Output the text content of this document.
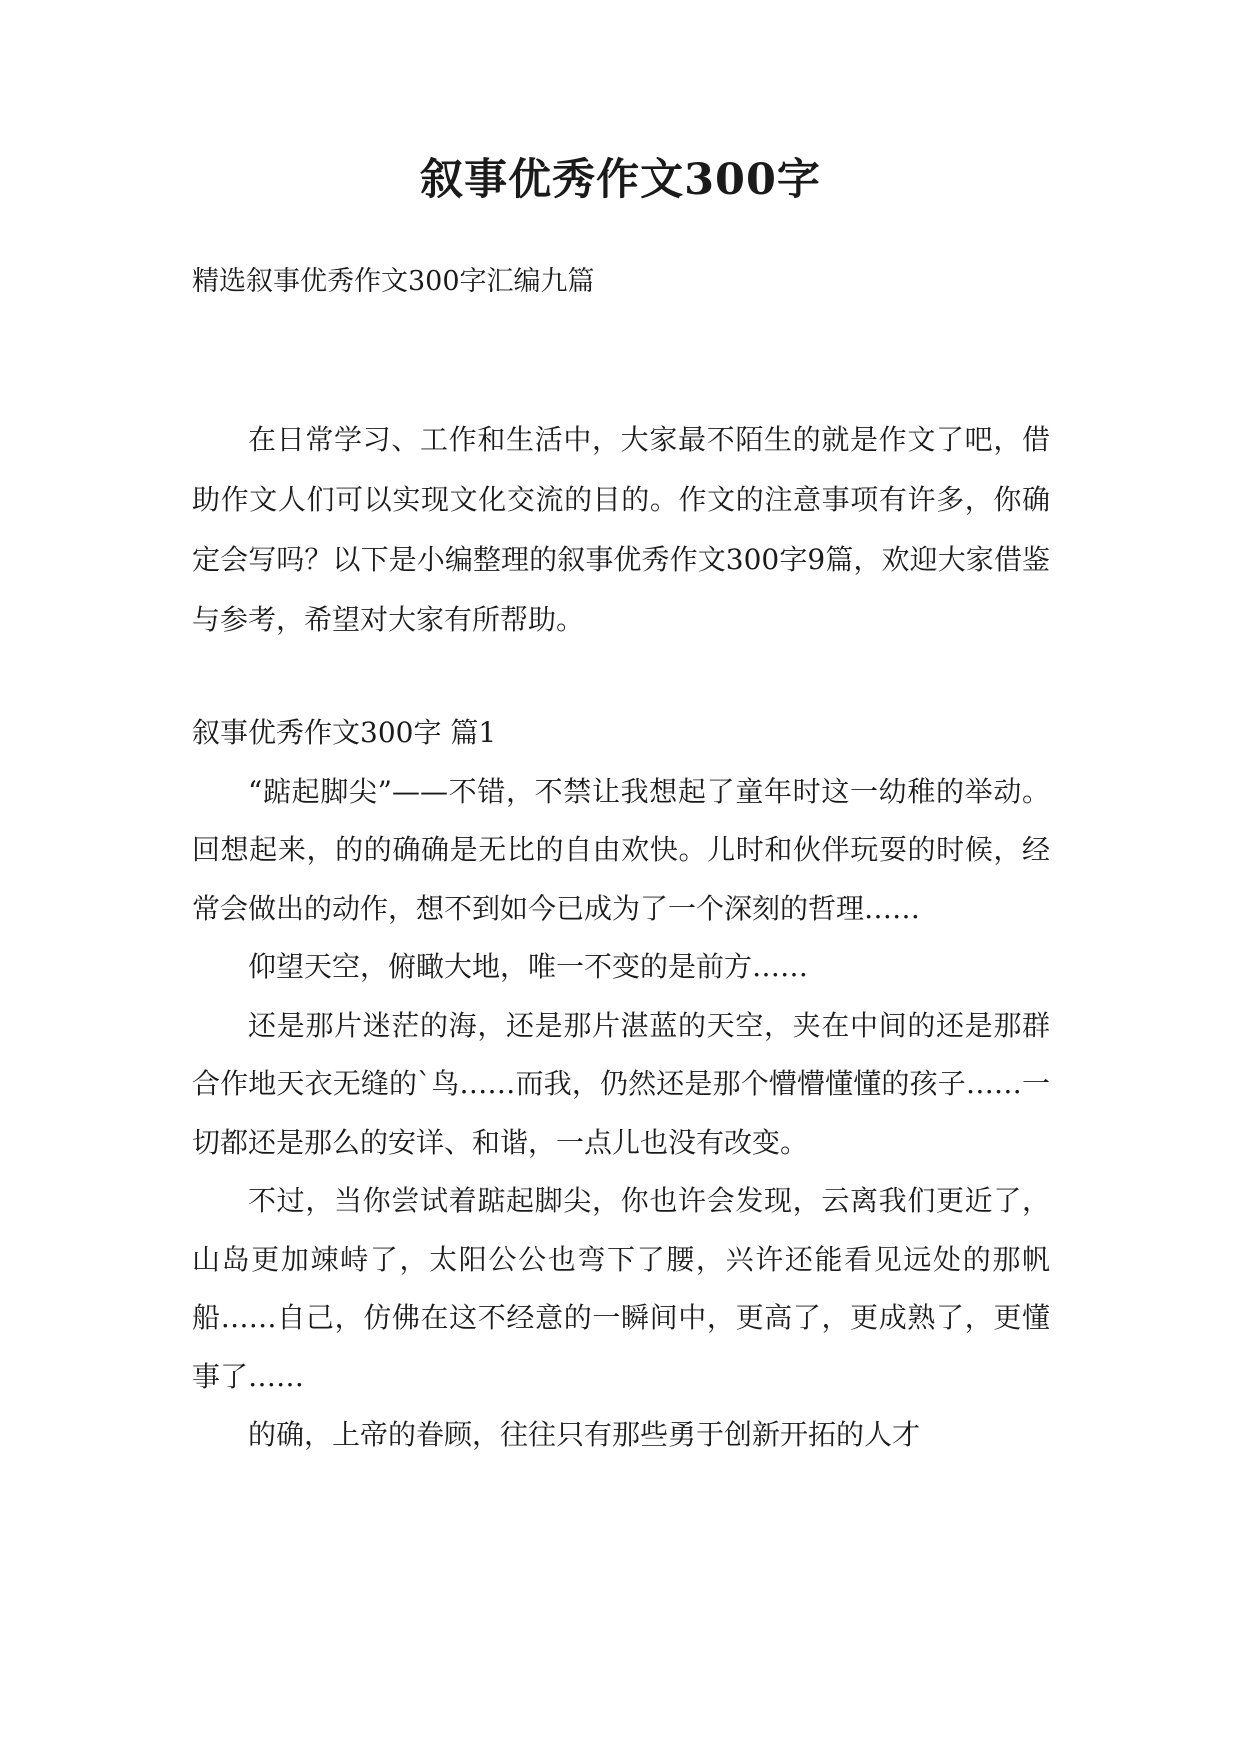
叙事优秀作文300字
精选叙事优秀作文300字汇编九篇

在日常学习、工作和生活中，大家最不陌生的就是作文了吧，借助作文人们可以实现文化交流的目的。作文的注意事项有许多，你确定会写吗？以下是小编整理的叙事优秀作文300字9篇，欢迎大家借鉴与参考，希望对大家有所帮助。

叙事优秀作文300字 篇1

“踮起脚尖”——不错，不禁让我想起了童年时这一幼稚的举动。回想起来，的的确确是无比的自由欢快。儿时和伙伴玩耍的时候，经常会做出的动作，想不到如今已成为了一个深刻的哲理……

仰望天空，俯瞰大地，唯一不变的是前方……

还是那片迷茫的海，还是那片湛蓝的天空，夹在中间的还是那群合作地天衣无缝的`鸟……而我，仍然还是那个懵懵懂懂的孩子……一切都还是那么的安详、和谐，一点儿也没有改变。

不过，当你尝试着踮起脚尖，你也许会发现，云离我们更近了，山岛更加竦峙了，太阳公公也弯下了腰，兴许还能看见远处的那帆船……自己，仿佛在这不经意的一瞬间中，更高了，更成熟了，更懂事了……

的确，上帝的眷顾，往往只有那些勇于创新开拓的人才
